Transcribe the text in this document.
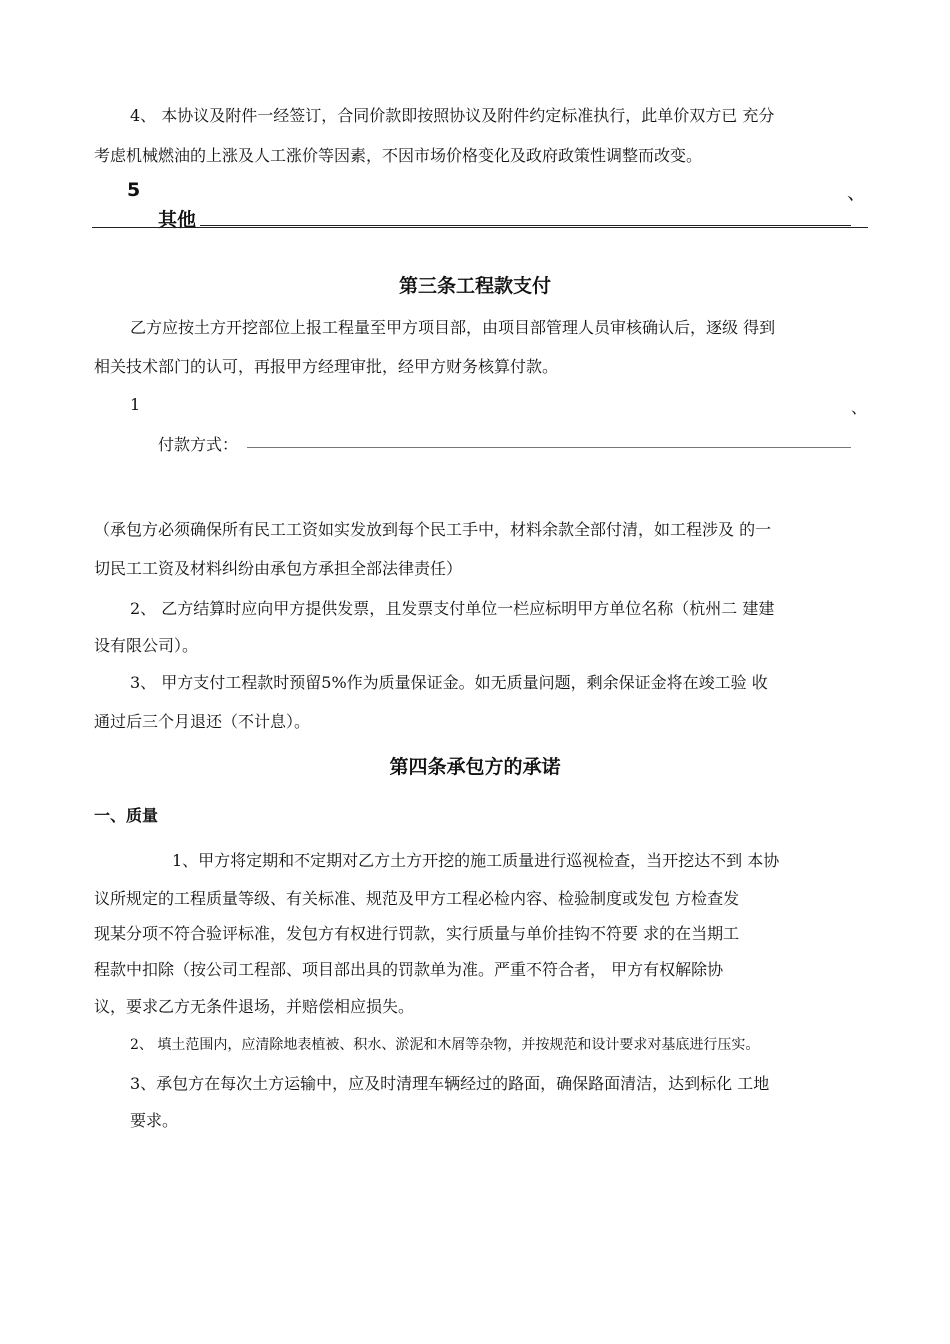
4、 本协议及附件一经签订，合同价款即按照协议及附件约定标准执行，此单价双方已 充分
考虑机械燃油的上涨及人工涨价等因素，不因市场价格变化及政府政策性调整而改变。
5	、
其他
第三条工程款支付
乙方应按土方开挖部位上报工程量至甲方项目部，由项目部管理人员审核确认后，逐级 得到
相关技术部门的认可，再报甲方经理审批，经甲方财务核算付款。
1	、
付款方式：
（承包方必须确保所有民工工资如实发放到每个民工手中，材料余款全部付清，如工程涉及 的一
切民工工资及材料纠纷由承包方承担全部法律责任）
2、 乙方结算时应向甲方提供发票，且发票支付单位一栏应标明甲方单位名称（杭州二 建建
设有限公司）。
3、 甲方支付工程款时预留5%作为质量保证金。如无质量问题，剩余保证金将在竣工验 收
通过后三个月退还（不计息）。
第四条承包方的承诺
一、质量
1、甲方将定期和不定期对乙方土方开挖的施工质量进行巡视检查，当开挖达不到 本协
议所规定的工程质量等级、有关标准、规范及甲方工程必检内容、检验制度或发包 方检查发
现某分项不符合验评标准，发包方有权进行罚款，实行质量与单价挂钩不符要 求的在当期工
程款中扣除（按公司工程部、项目部出具的罚款单为准。严重不符合者， 甲方有权解除协
议，要求乙方无条件退场，并赔偿相应损失。
2、 填土范围内，应清除地表植被、积水、淤泥和木屑等杂物，并按规范和设计要求对基底进行压实。
3、承包方在每次土方运输中，应及时清理车辆经过的路面，确保路面清洁，达到标化 工地
要求。
